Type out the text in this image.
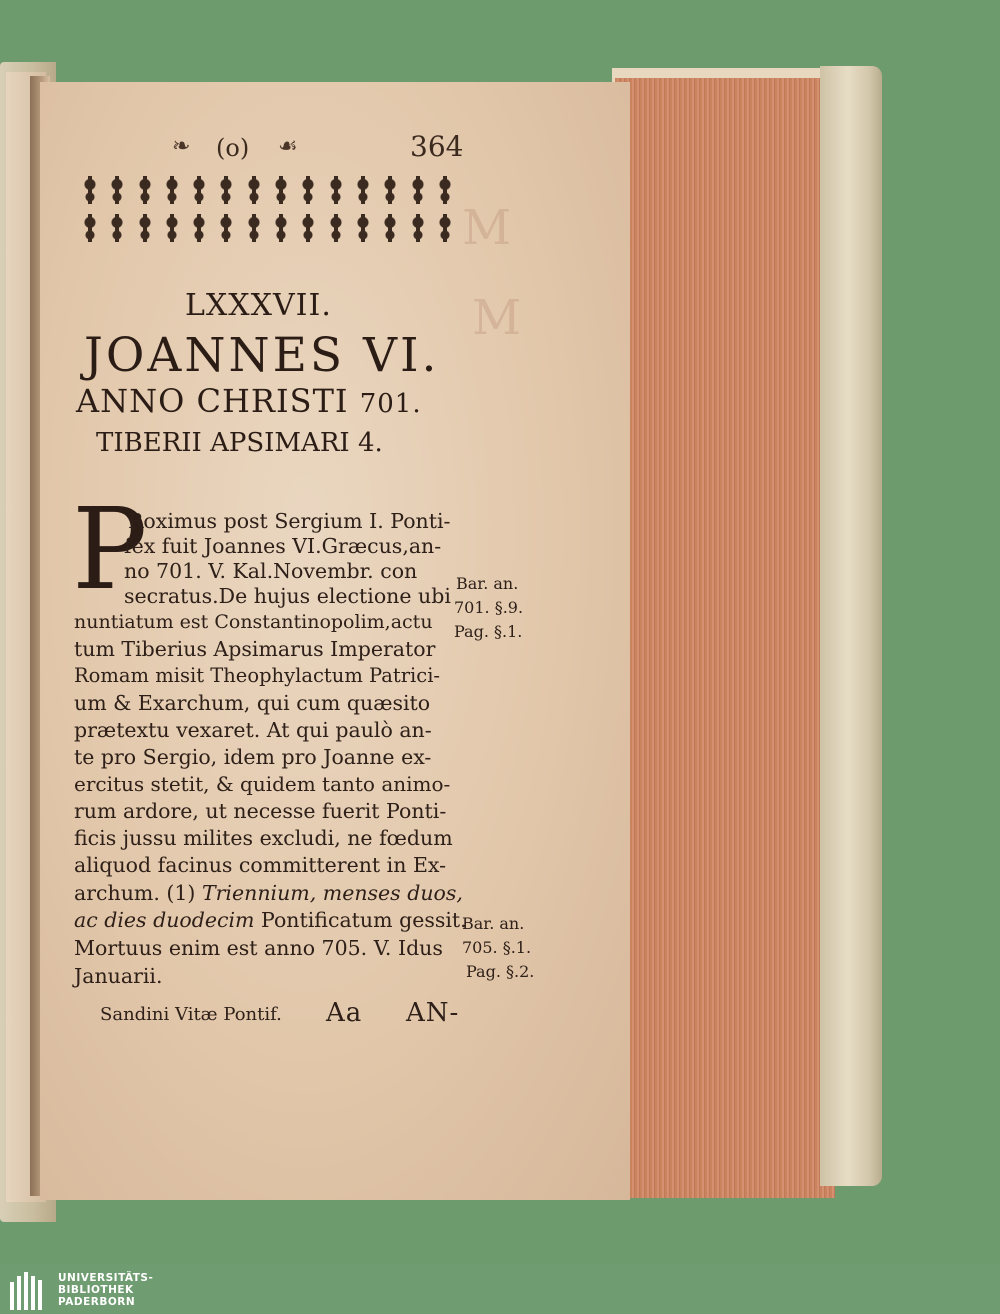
M
M
❧ (o) ☙	364
LXXXVII.
JOANNES VI.
ANNO CHRISTI 701.
TIBERII APSIMARI 4.
P
Roximus post Sergium I. Ponti-
fex fuit Joannes VI.Græcus,an-
no 701. V. Kal.Novembr. con
secratus.De hujus electione ubi
nuntiatum est Constantinopolim,actu
tum Tiberius Apsimarus Imperator
Romam misit Theophylactum Patrici-
um & Exarchum, qui cum quæsito
prætextu vexaret. At qui paulò an-
te pro Sergio, idem pro Joanne ex-
ercitus stetit, & quidem tanto animo-
rum ardore, ut necesse fuerit Ponti-
ficis jussu milites excludi, ne fœdum
aliquod facinus committerent in Ex-
archum. (1) Triennium, menses duos,
ac dies duodecim Pontificatum gessit.
Mortuus enim est anno 705. V. Idus
Januarii.
Bar. an.
701. §.9.
Pag. §.1.
Bar. an.
705. §.1.
Pag. §.2.
Sandini Vitæ Pontif. Aa AN-
UNIVERSITÄTS-
BIBLIOTHEK
PADERBORN
